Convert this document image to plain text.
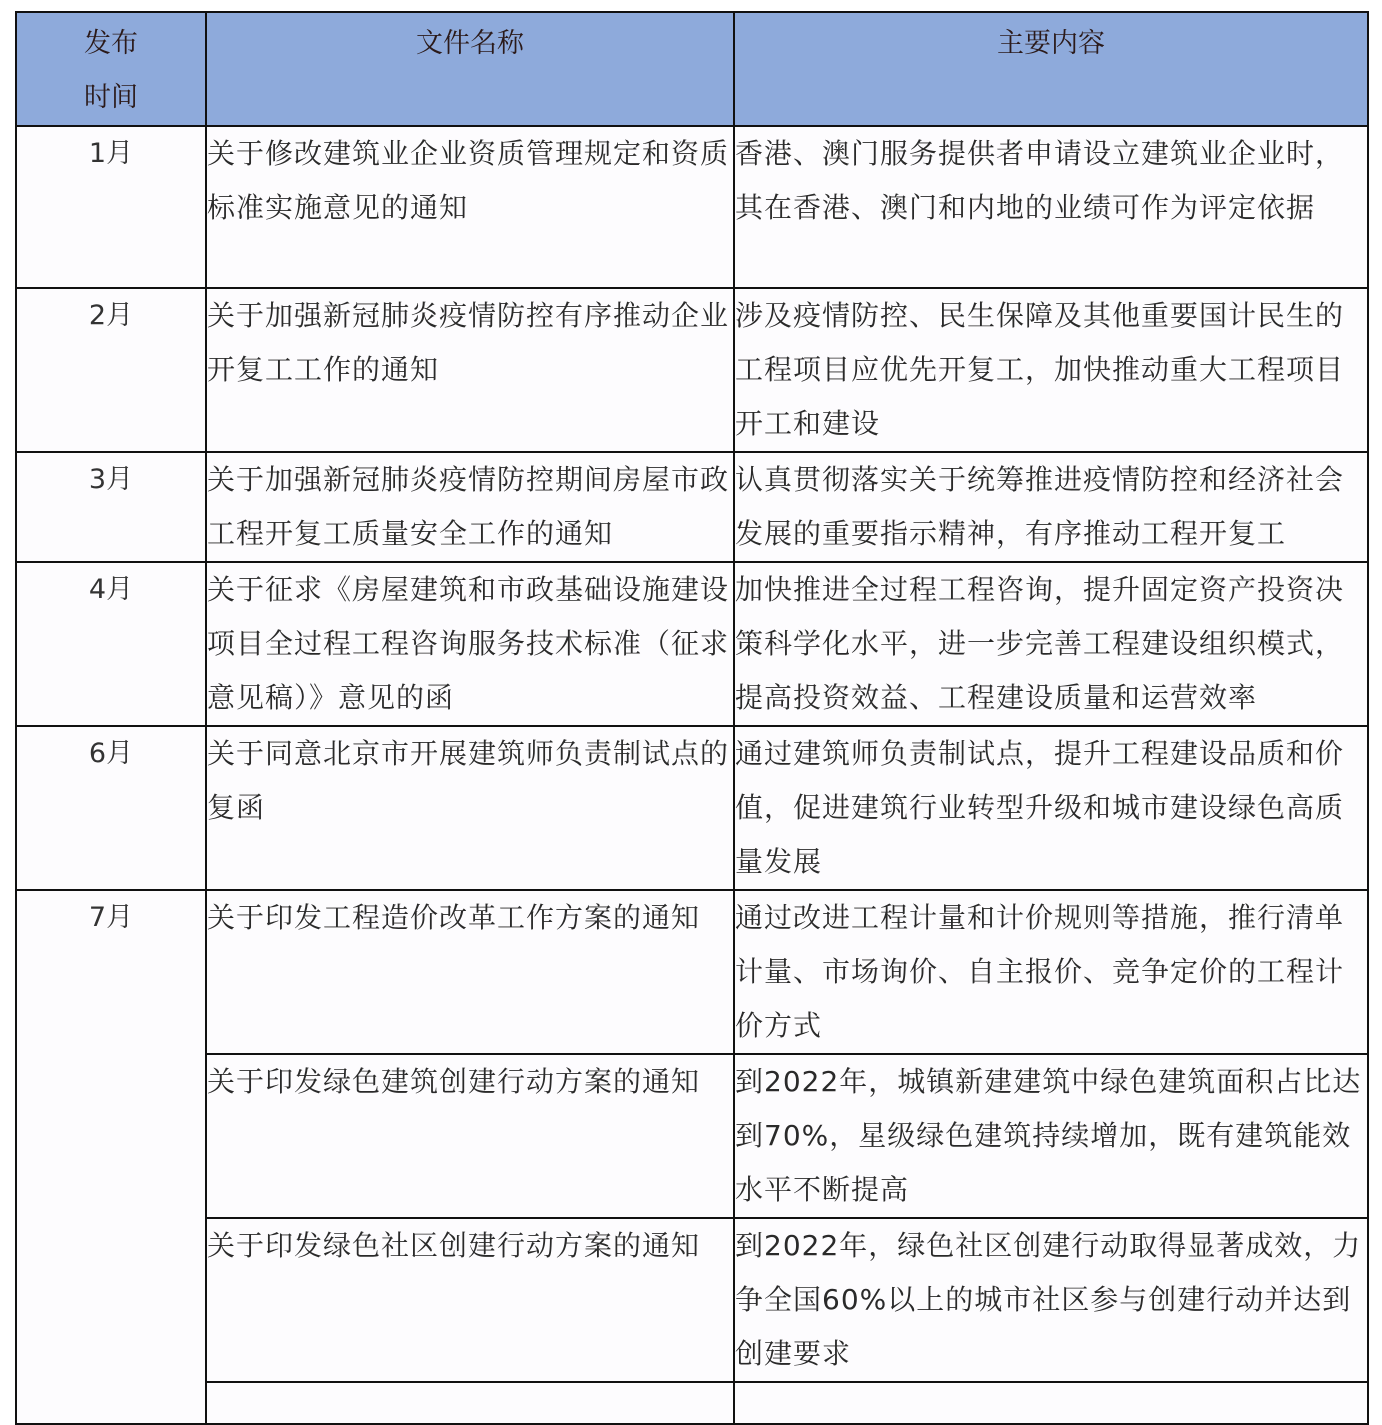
发布
时间	文件名称	主要内容
1月	关于修改建筑业企业资质管理规定和资质标准实施意见的通知	香港、澳门服务提供者申请设立建筑业企业时，其在香港、澳门和内地的业绩可作为评定依据
2月	关于加强新冠肺炎疫情防控有序推动企业开复工工作的通知	涉及疫情防控、民生保障及其他重要国计民生的工程项目应优先开复工，加快推动重大工程项目开工和建设
3月	关于加强新冠肺炎疫情防控期间房屋市政工程开复工质量安全工作的通知	认真贯彻落实关于统筹推进疫情防控和经济社会发展的重要指示精神，有序推动工程开复工
4月	关于征求《房屋建筑和市政基础设施建设项目全过程工程咨询服务技术标准（征求意见稿）》意见的函	加快推进全过程工程咨询，提升固定资产投资决策科学化水平，进一步完善工程建设组织模式，提高投资效益、工程建设质量和运营效率
6月	关于同意北京市开展建筑师负责制试点的复函	通过建筑师负责制试点，提升工程建设品质和价值，促进建筑行业转型升级和城市建设绿色高质量发展
7月	关于印发工程造价改革工作方案的通知	通过改进工程计量和计价规则等措施，推行清单计量、市场询价、自主报价、竞争定价的工程计价方式
	关于印发绿色建筑创建行动方案的通知	到2022年，城镇新建建筑中绿色建筑面积占比达到70%，星级绿色建筑持续增加，既有建筑能效水平不断提高
	关于印发绿色社区创建行动方案的通知	到2022年，绿色社区创建行动取得显著成效，力争全国60%以上的城市社区参与创建行动并达到创建要求
